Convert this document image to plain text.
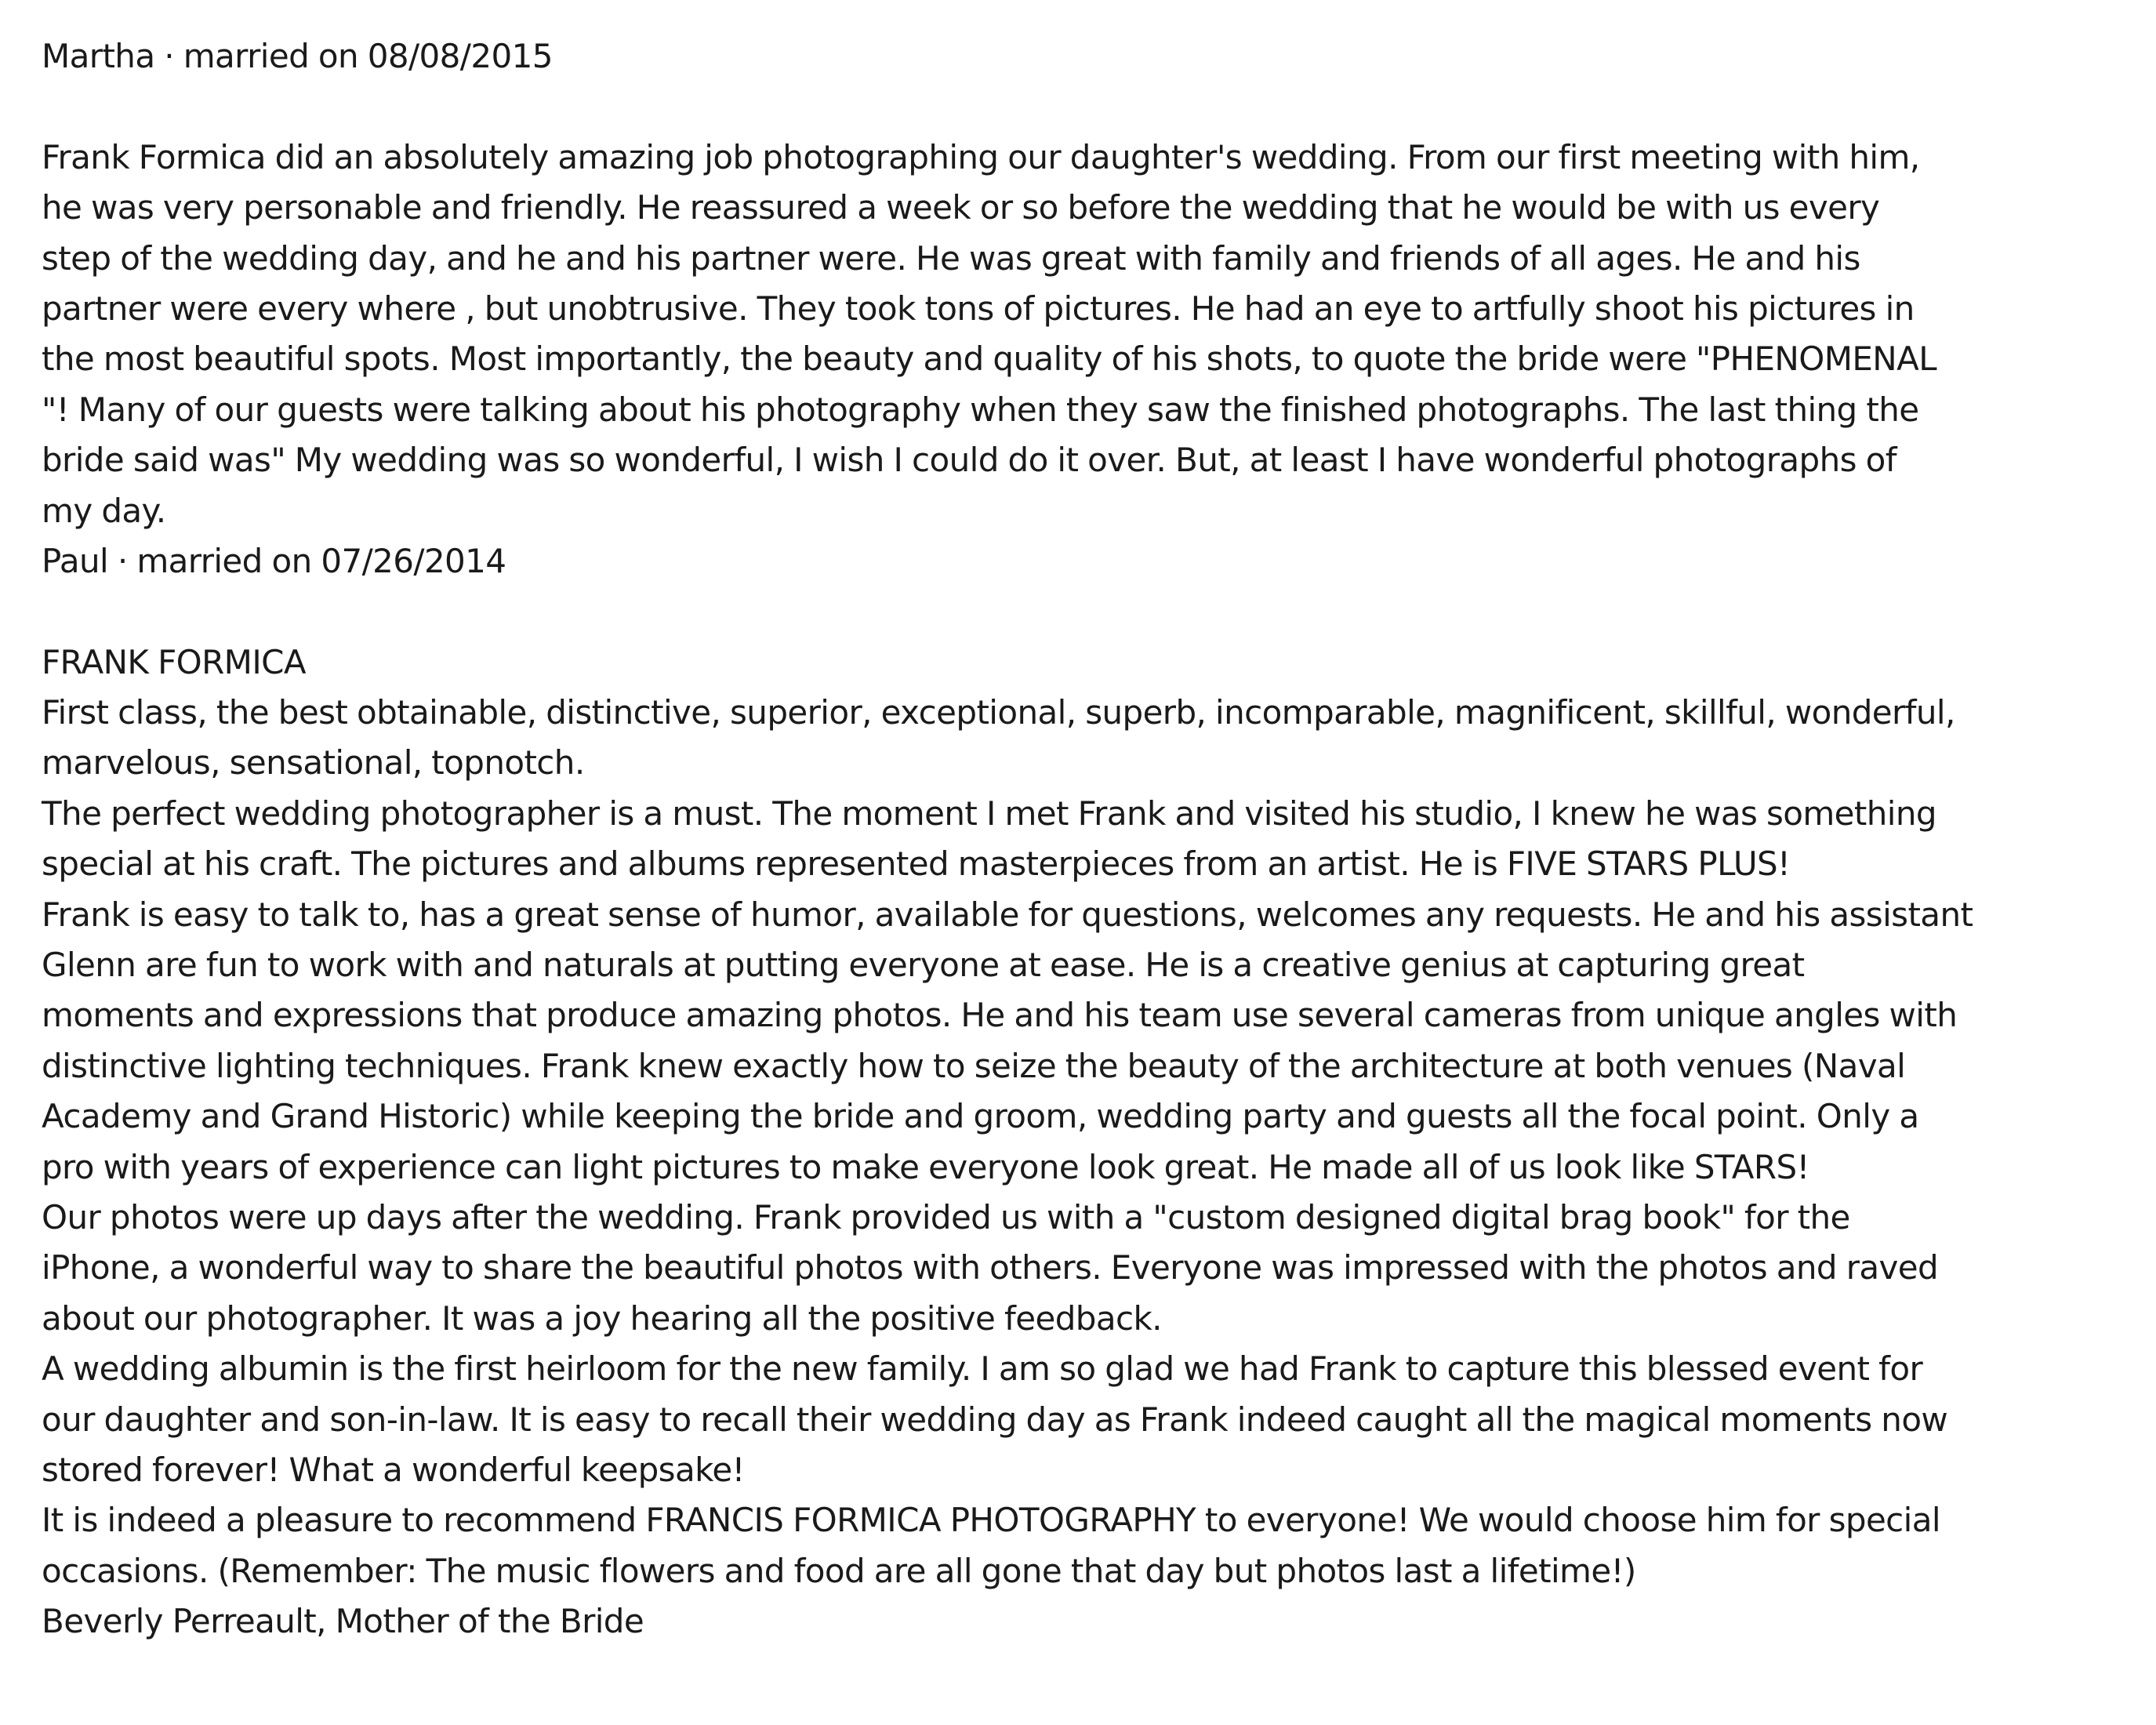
Martha · married on 08/08/2015
Frank Formica did an absolutely amazing job photographing our daughter's wedding. From our first meeting with him,
he was very personable and friendly. He reassured a week or so before the wedding that he would be with us every
step of the wedding day, and he and his partner were. He was great with family and friends of all ages. He and his
partner were every where , but unobtrusive. They took tons of pictures. He had an eye to artfully shoot his pictures in
the most beautiful spots. Most importantly, the beauty and quality of his shots, to quote the bride were "PHENOMENAL
"! Many of our guests were talking about his photography when they saw the finished photographs. The last thing the
bride said was" My wedding was so wonderful, I wish I could do it over. But, at least I have wonderful photographs of
my day.
Paul · married on 07/26/2014
FRANK FORMICA
First class, the best obtainable, distinctive, superior, exceptional, superb, incomparable, magnificent, skillful, wonderful,
marvelous, sensational, topnotch.
The perfect wedding photographer is a must. The moment I met Frank and visited his studio, I knew he was something
special at his craft. The pictures and albums represented masterpieces from an artist. He is FIVE STARS PLUS!
Frank is easy to talk to, has a great sense of humor, available for questions, welcomes any requests. He and his assistant
Glenn are fun to work with and naturals at putting everyone at ease. He is a creative genius at capturing great
moments and expressions that produce amazing photos. He and his team use several cameras from unique angles with
distinctive lighting techniques. Frank knew exactly how to seize the beauty of the architecture at both venues (Naval
Academy and Grand Historic) while keeping the bride and groom, wedding party and guests all the focal point. Only a
pro with years of experience can light pictures to make everyone look great. He made all of us look like STARS!
Our photos were up days after the wedding. Frank provided us with a "custom designed digital brag book" for the
iPhone, a wonderful way to share the beautiful photos with others. Everyone was impressed with the photos and raved
about our photographer. It was a joy hearing all the positive feedback.
A wedding albumin is the first heirloom for the new family. I am so glad we had Frank to capture this blessed event for
our daughter and son-in-law. It is easy to recall their wedding day as Frank indeed caught all the magical moments now
stored forever! What a wonderful keepsake!
It is indeed a pleasure to recommend FRANCIS FORMICA PHOTOGRAPHY to everyone! We would choose him for special
occasions. (Remember: The music flowers and food are all gone that day but photos last a lifetime!)
Beverly Perreault, Mother of the Bride
